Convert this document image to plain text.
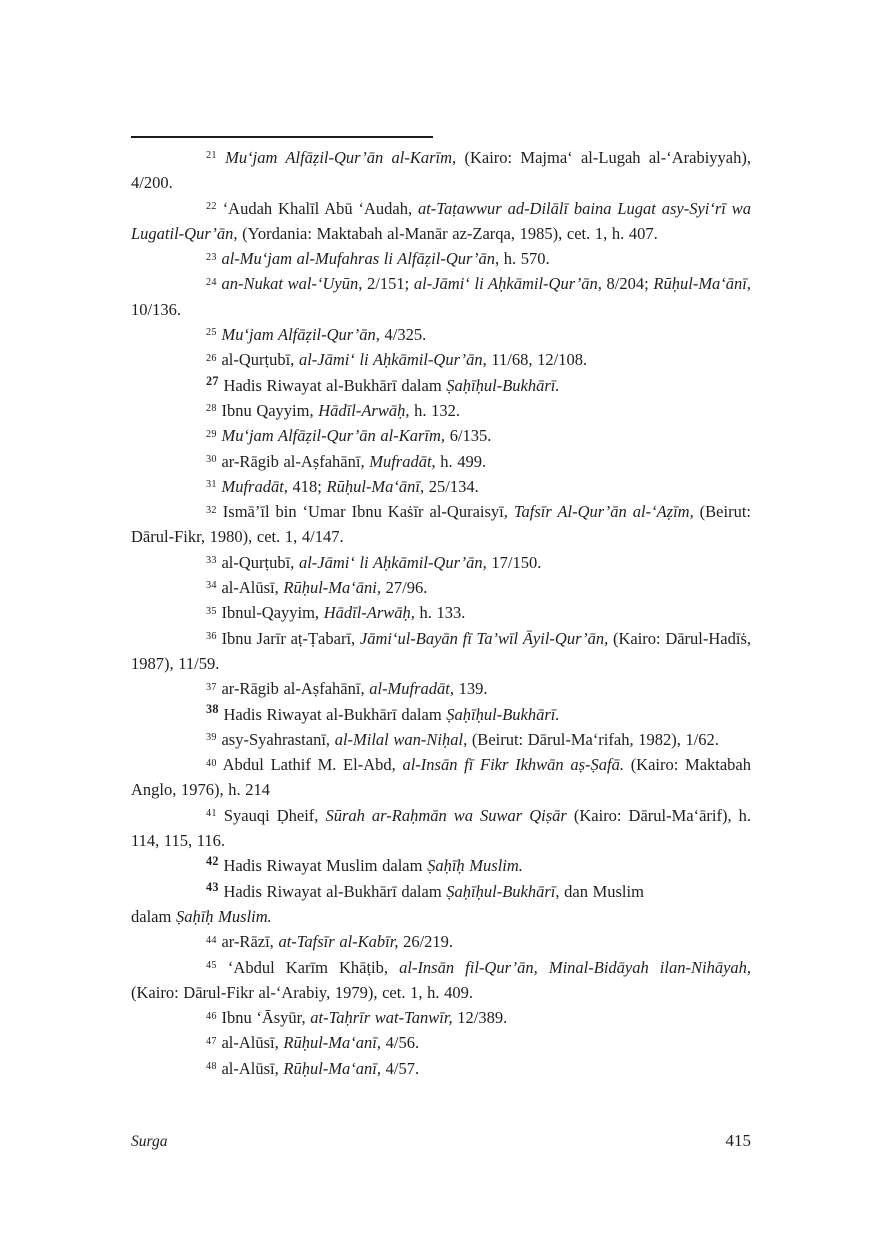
$^{21}$ Mu‘jam Alfāẓil-Qur’ān al-Karīm, (Kairo: Majma‘ al-Lugah al-‘Arabiyyah), 4/200.

$^{22}$ ‘Audah Khalīl Abū ‘Audah, at-Taṭawwur ad-Dilālī baina Lugat asy-Syi‘rī wa Lugatil-Qur’ān, (Yordania: Maktabah al-Manār az-Zarqa, 1985), cet. 1, h. 407.

$^{23}$ al-Mu‘jam al-Mufahras li Alfāẓil-Qur’ān, h. 570.

$^{24}$ an-Nukat wal-‘Uyūn, 2/151; al-Jāmi‘ li Aḥkāmil-Qur’ān, 8/204; Rūḥul-Ma‘ānī, 10/136.

$^{25}$ Mu‘jam Alfāẓil-Qur’ān, 4/325.

$^{26}$ al-Qurṭubī, al-Jāmi‘ li Aḥkāmil-Qur’ān, 11/68, 12/108.

$^{27}$ Hadis Riwayat al-Bukhārī dalam Ṣaḥīḥul-Bukhārī.

$^{28}$ Ibnu Qayyim, Hādīl-Arwāḥ, h. 132.

$^{29}$ Mu‘jam Alfāẓil-Qur’ān al-Karīm, 6/135.

$^{30}$ ar-Rāgib al-Aṣfahānī, Mufradāt, h. 499.

$^{31}$ Mufradāt, 418; Rūḥul-Ma‘ānī, 25/134.

$^{32}$ Ismā’īl bin ‘Umar Ibnu Kaṡīr al-Quraisyī, Tafsīr Al-Qur’ān al-‘Aẓīm, (Beirut: Dārul-Fikr, 1980), cet. 1, 4/147.

$^{33}$ al-Qurṭubī, al-Jāmi‘ li Aḥkāmil-Qur’ān, 17/150.

$^{34}$ al-Alūsī, Rūḥul-Ma‘āni, 27/96.

$^{35}$ Ibnul-Qayyim, Hādīl-Arwāḥ, h. 133.

$^{36}$ Ibnu Jarīr aṭ-Ṭabarī, Jāmi‘ul-Bayān fī Ta’wīl Āyil-Qur’ān, (Kairo: Dārul-Hadīṡ, 1987), 11/59.

$^{37}$ ar-Rāgib al-Aṣfahānī, al-Mufradāt, 139.

$^{38}$ Hadis Riwayat al-Bukhārī dalam Ṣaḥīḥul-Bukhārī.

$^{39}$ asy-Syahrastanī, al-Milal wan-Niḥal, (Beirut: Dārul-Ma‘rifah, 1982), 1/62.

$^{40}$ Abdul Lathif M. El-Abd, al-Insān fī Fikr Ikhwān aṣ-Ṣafā. (Kairo: Maktabah Anglo, 1976), h. 214

$^{41}$ Syauqi Ḍheif, Sūrah ar-Raḥmān wa Suwar Qiṣār (Kairo: Dārul-Ma‘ārif), h. 114, 115, 116.

$^{42}$ Hadis Riwayat Muslim dalam Ṣaḥīḥ Muslim.

$^{43}$ Hadis Riwayat al-Bukhārī dalam Ṣaḥīḥul-Bukhārī, dan Muslim
dalam Ṣaḥīḥ Muslim.

$^{44}$ ar-Rāzī, at-Tafsīr al-Kabīr, 26/219.

$^{45}$ ‘Abdul Karīm Khāṭib, al-Insān fil-Qur’ān, Minal-Bidāyah ilan-Nihāyah, (Kairo: Dārul-Fikr al-‘Arabiy, 1979), cet. 1, h. 409.

$^{46}$ Ibnu ‘Āsyūr, at-Taḥrīr wat-Tanwīr, 12/389.

$^{47}$ al-Alūsī, Rūḥul-Ma‘anī, 4/56.

$^{48}$ al-Alūsī, Rūḥul-Ma‘anī, 4/57.

Surga	415
